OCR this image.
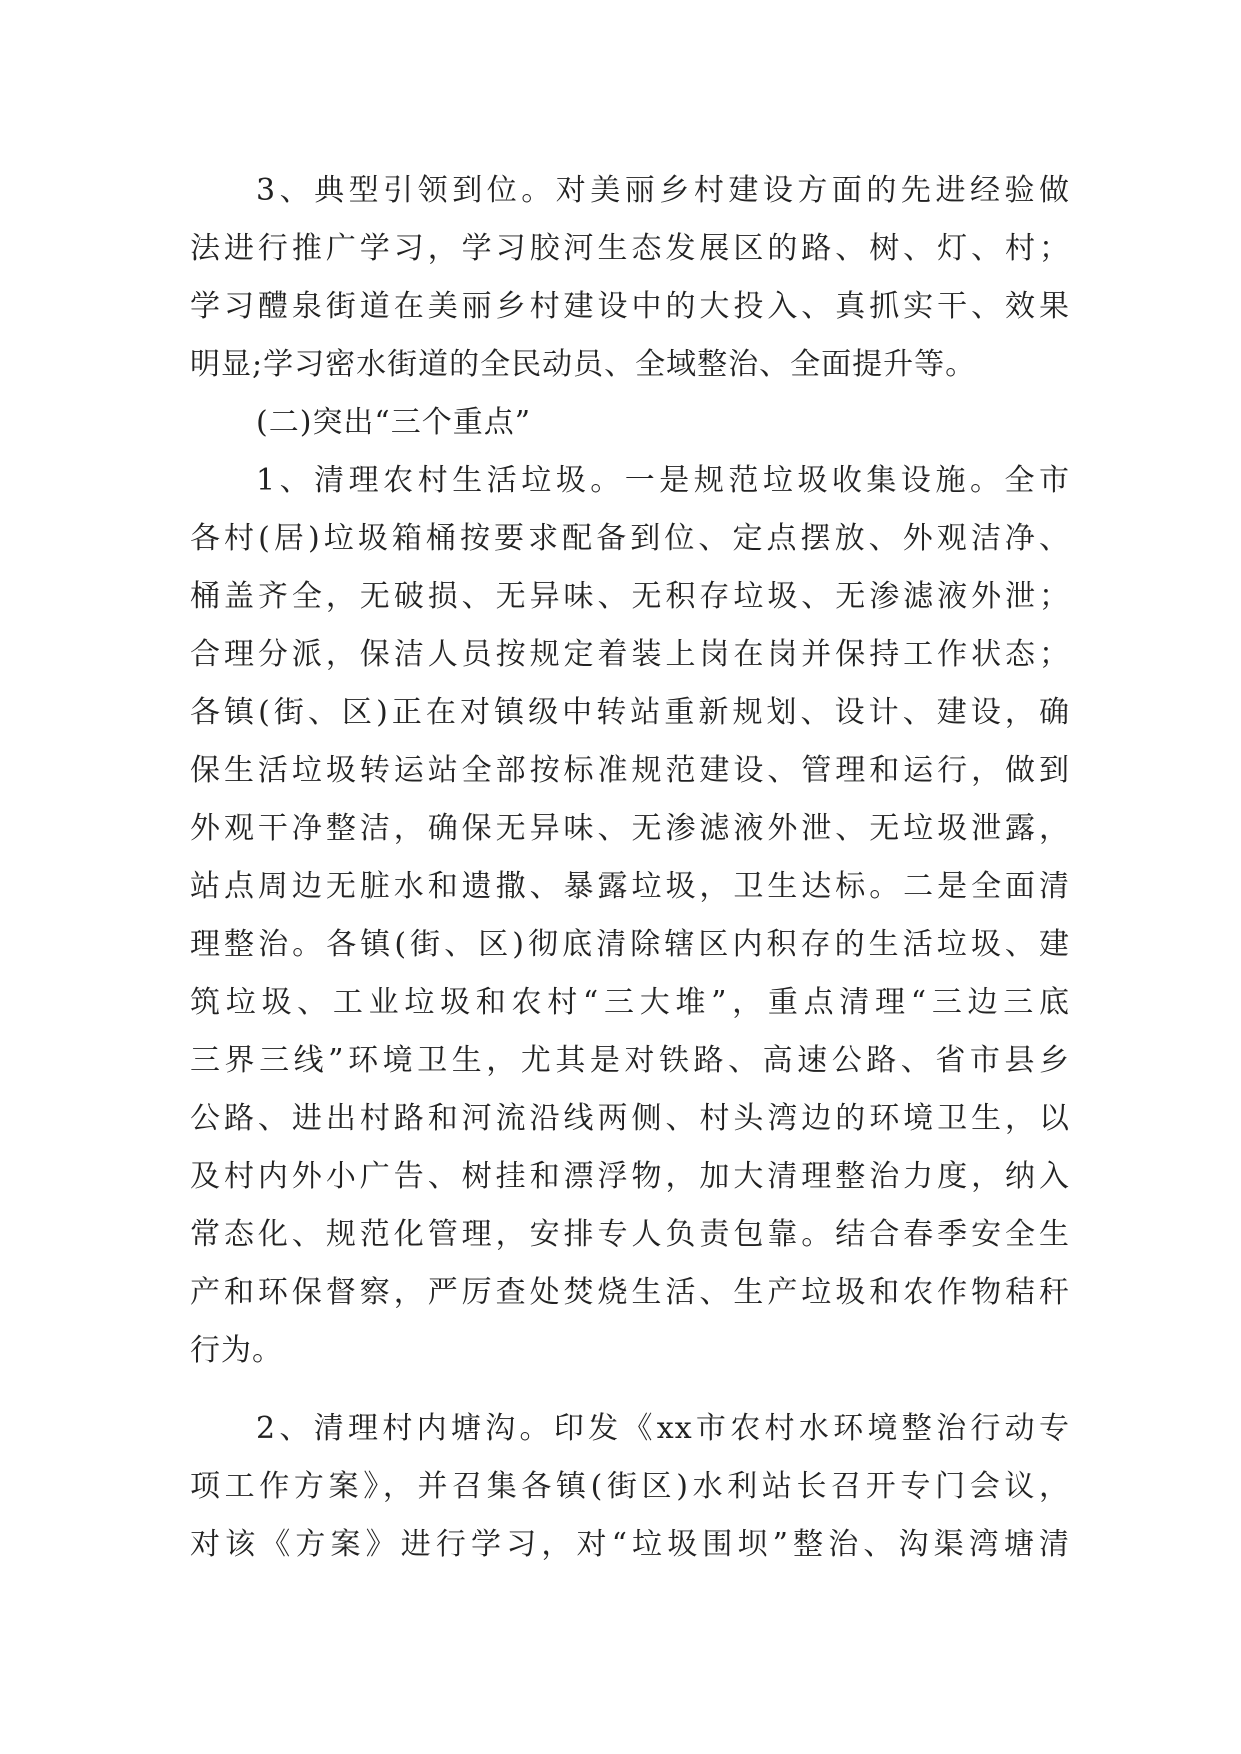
3、典型引领到位。对美丽乡村建设方面的先进经验做
法进行推广学习，学习胶河生态发展区的路、树、灯、村；
学习醴泉街道在美丽乡村建设中的大投入、真抓实干、效果
明显;学习密水街道的全民动员、全域整治、全面提升等。
(二)突出“三个重点”
1、清理农村生活垃圾。一是规范垃圾收集设施。全市
各村(居)垃圾箱桶按要求配备到位、定点摆放、外观洁净、
桶盖齐全，无破损、无异味、无积存垃圾、无渗滤液外泄；
合理分派，保洁人员按规定着装上岗在岗并保持工作状态；
各镇(街、区)正在对镇级中转站重新规划、设计、建设，确
保生活垃圾转运站全部按标准规范建设、管理和运行，做到
外观干净整洁，确保无异味、无渗滤液外泄、无垃圾泄露，
站点周边无脏水和遗撒、暴露垃圾，卫生达标。二是全面清
理整治。各镇(街、区)彻底清除辖区内积存的生活垃圾、建
筑垃圾、工业垃圾和农村“三大堆”，重点清理“三边三底
三界三线”环境卫生，尤其是对铁路、高速公路、省市县乡
公路、进出村路和河流沿线两侧、村头湾边的环境卫生，以
及村内外小广告、树挂和漂浮物，加大清理整治力度，纳入
常态化、规范化管理，安排专人负责包靠。结合春季安全生
产和环保督察，严厉查处焚烧生活、生产垃圾和农作物秸秆
行为。
2、清理村内塘沟。印发《xx市农村水环境整治行动专
项工作方案》，并召集各镇(街区)水利站长召开专门会议，
对该《方案》进行学习，对“垃圾围坝”整治、沟渠湾塘清
